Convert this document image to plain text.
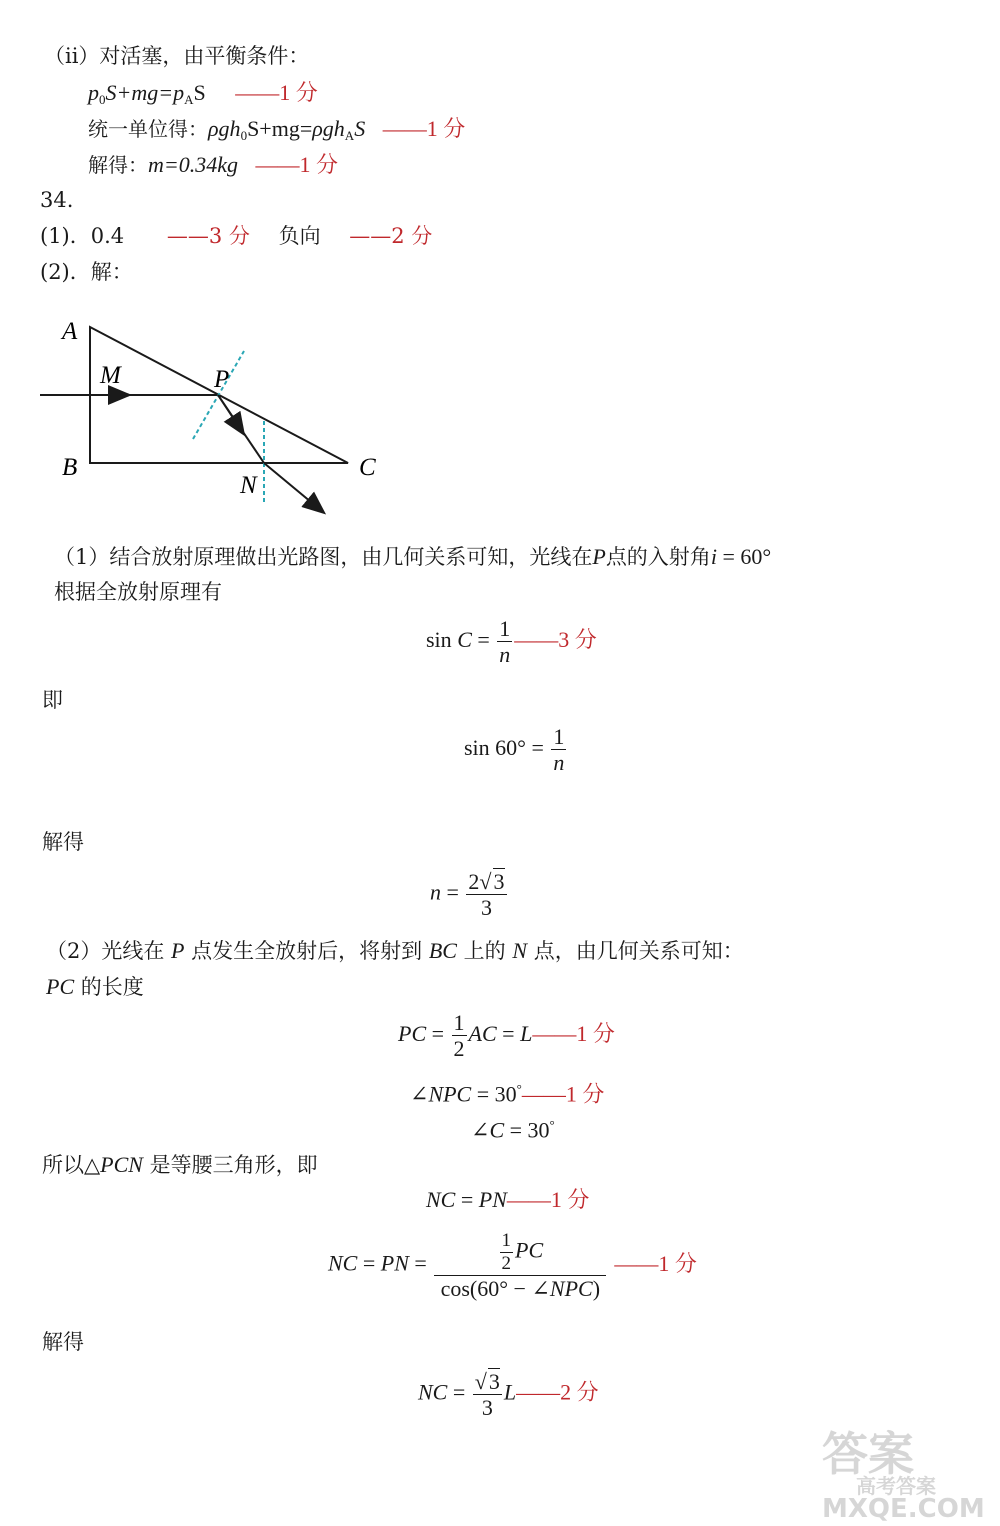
（ii）对活塞，由平衡条件：
$p_0S+mg=p_AS$ ——1 分
统一单位得：ρgh$_0$S+mg=ρgh$_A$S ——1 分
解得：m=0.34kg ——1 分
34.
(1)．0.4 ——3 分 负向 ——2 分
(2)．解：
A
B	C
M	P
N
（1）结合放射原理做出光路图，由几何关系可知，光线在P点的入射角i = 60°
根据全放射原理有
$\sin C = \frac{1}{n}$ ——3 分
即
$\sin 60^\circ = \frac{1}{n}$
解得
$n = \frac{2√3}{3}$
（2）光线在 P 点发生全放射后，将射到 BC 上的 N 点，由几何关系可知：
PC 的长度
PC = $\frac{1}{2}$ AC = L——1 分
∠NPC = 30°——1 分
∠C = 30°
所以△PCN 是等腰三角形，即
NC = PN——1 分
NC = PN = $\frac{\frac{1}{2} PC}{\text{cos(60° − ∠NPC)}}$ ——1 分
解得
NC = $\frac{√3}{3}$ L——2 分
答案
高考答案
MXQE.COM
